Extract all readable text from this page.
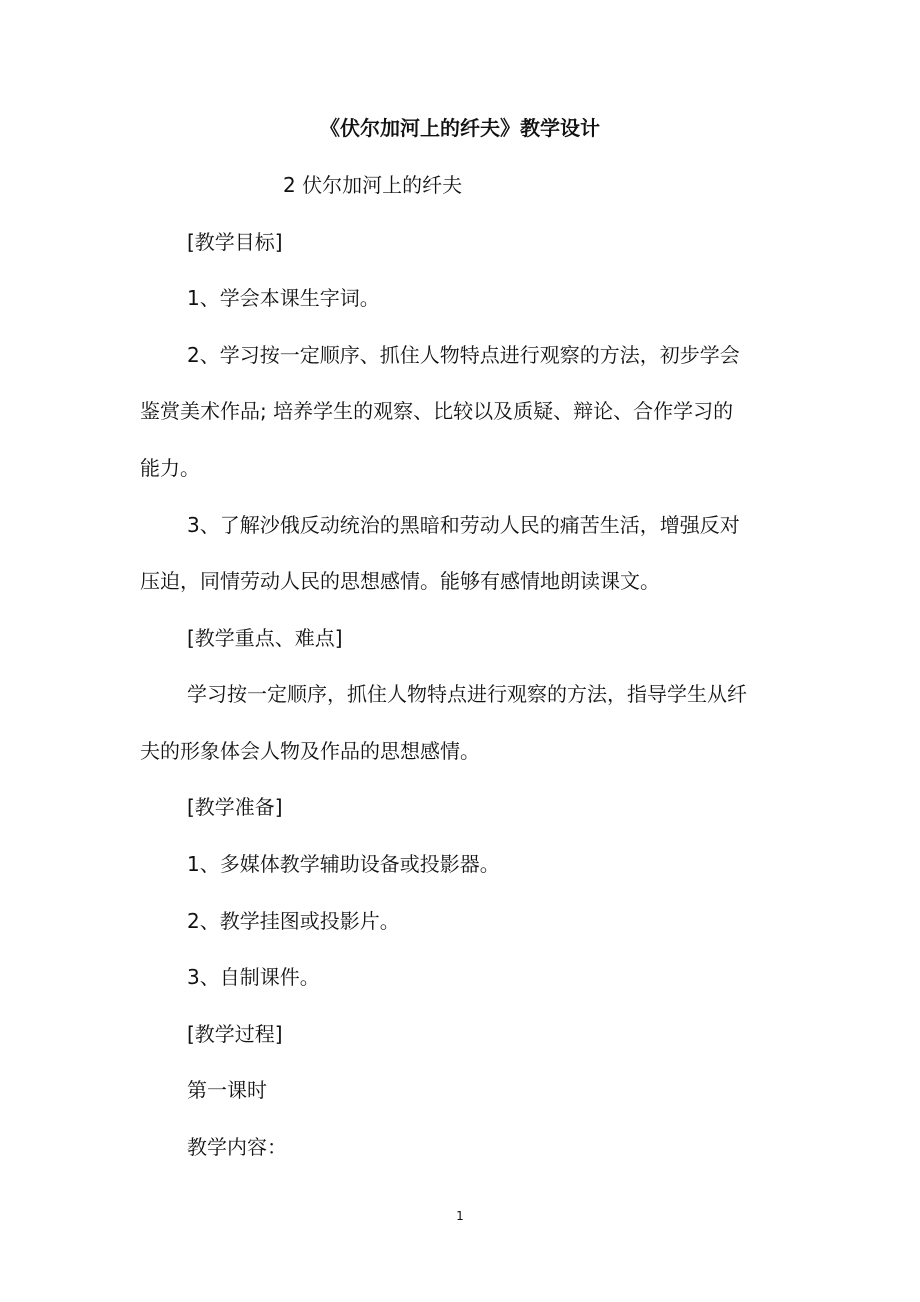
《伏尔加河上的纤夫》教学设计
2 伏尔加河上的纤夫
[教学目标]
1、学会本课生字词。
2、学习按一定顺序、抓住人物特点进行观察的方法，初步学会
鉴赏美术作品; 培养学生的观察、比较以及质疑、辩论、合作学习的
能力。
3、了解沙俄反动统治的黑暗和劳动人民的痛苦生活，增强反对
压迫，同情劳动人民的思想感情。能够有感情地朗读课文。
[教学重点、难点]
学习按一定顺序，抓住人物特点进行观察的方法，指导学生从纤
夫的形象体会人物及作品的思想感情。
[教学准备]
1、多媒体教学辅助设备或投影器。
2、教学挂图或投影片。
3、自制课件。
[教学过程]
第一课时
教学内容：
1
